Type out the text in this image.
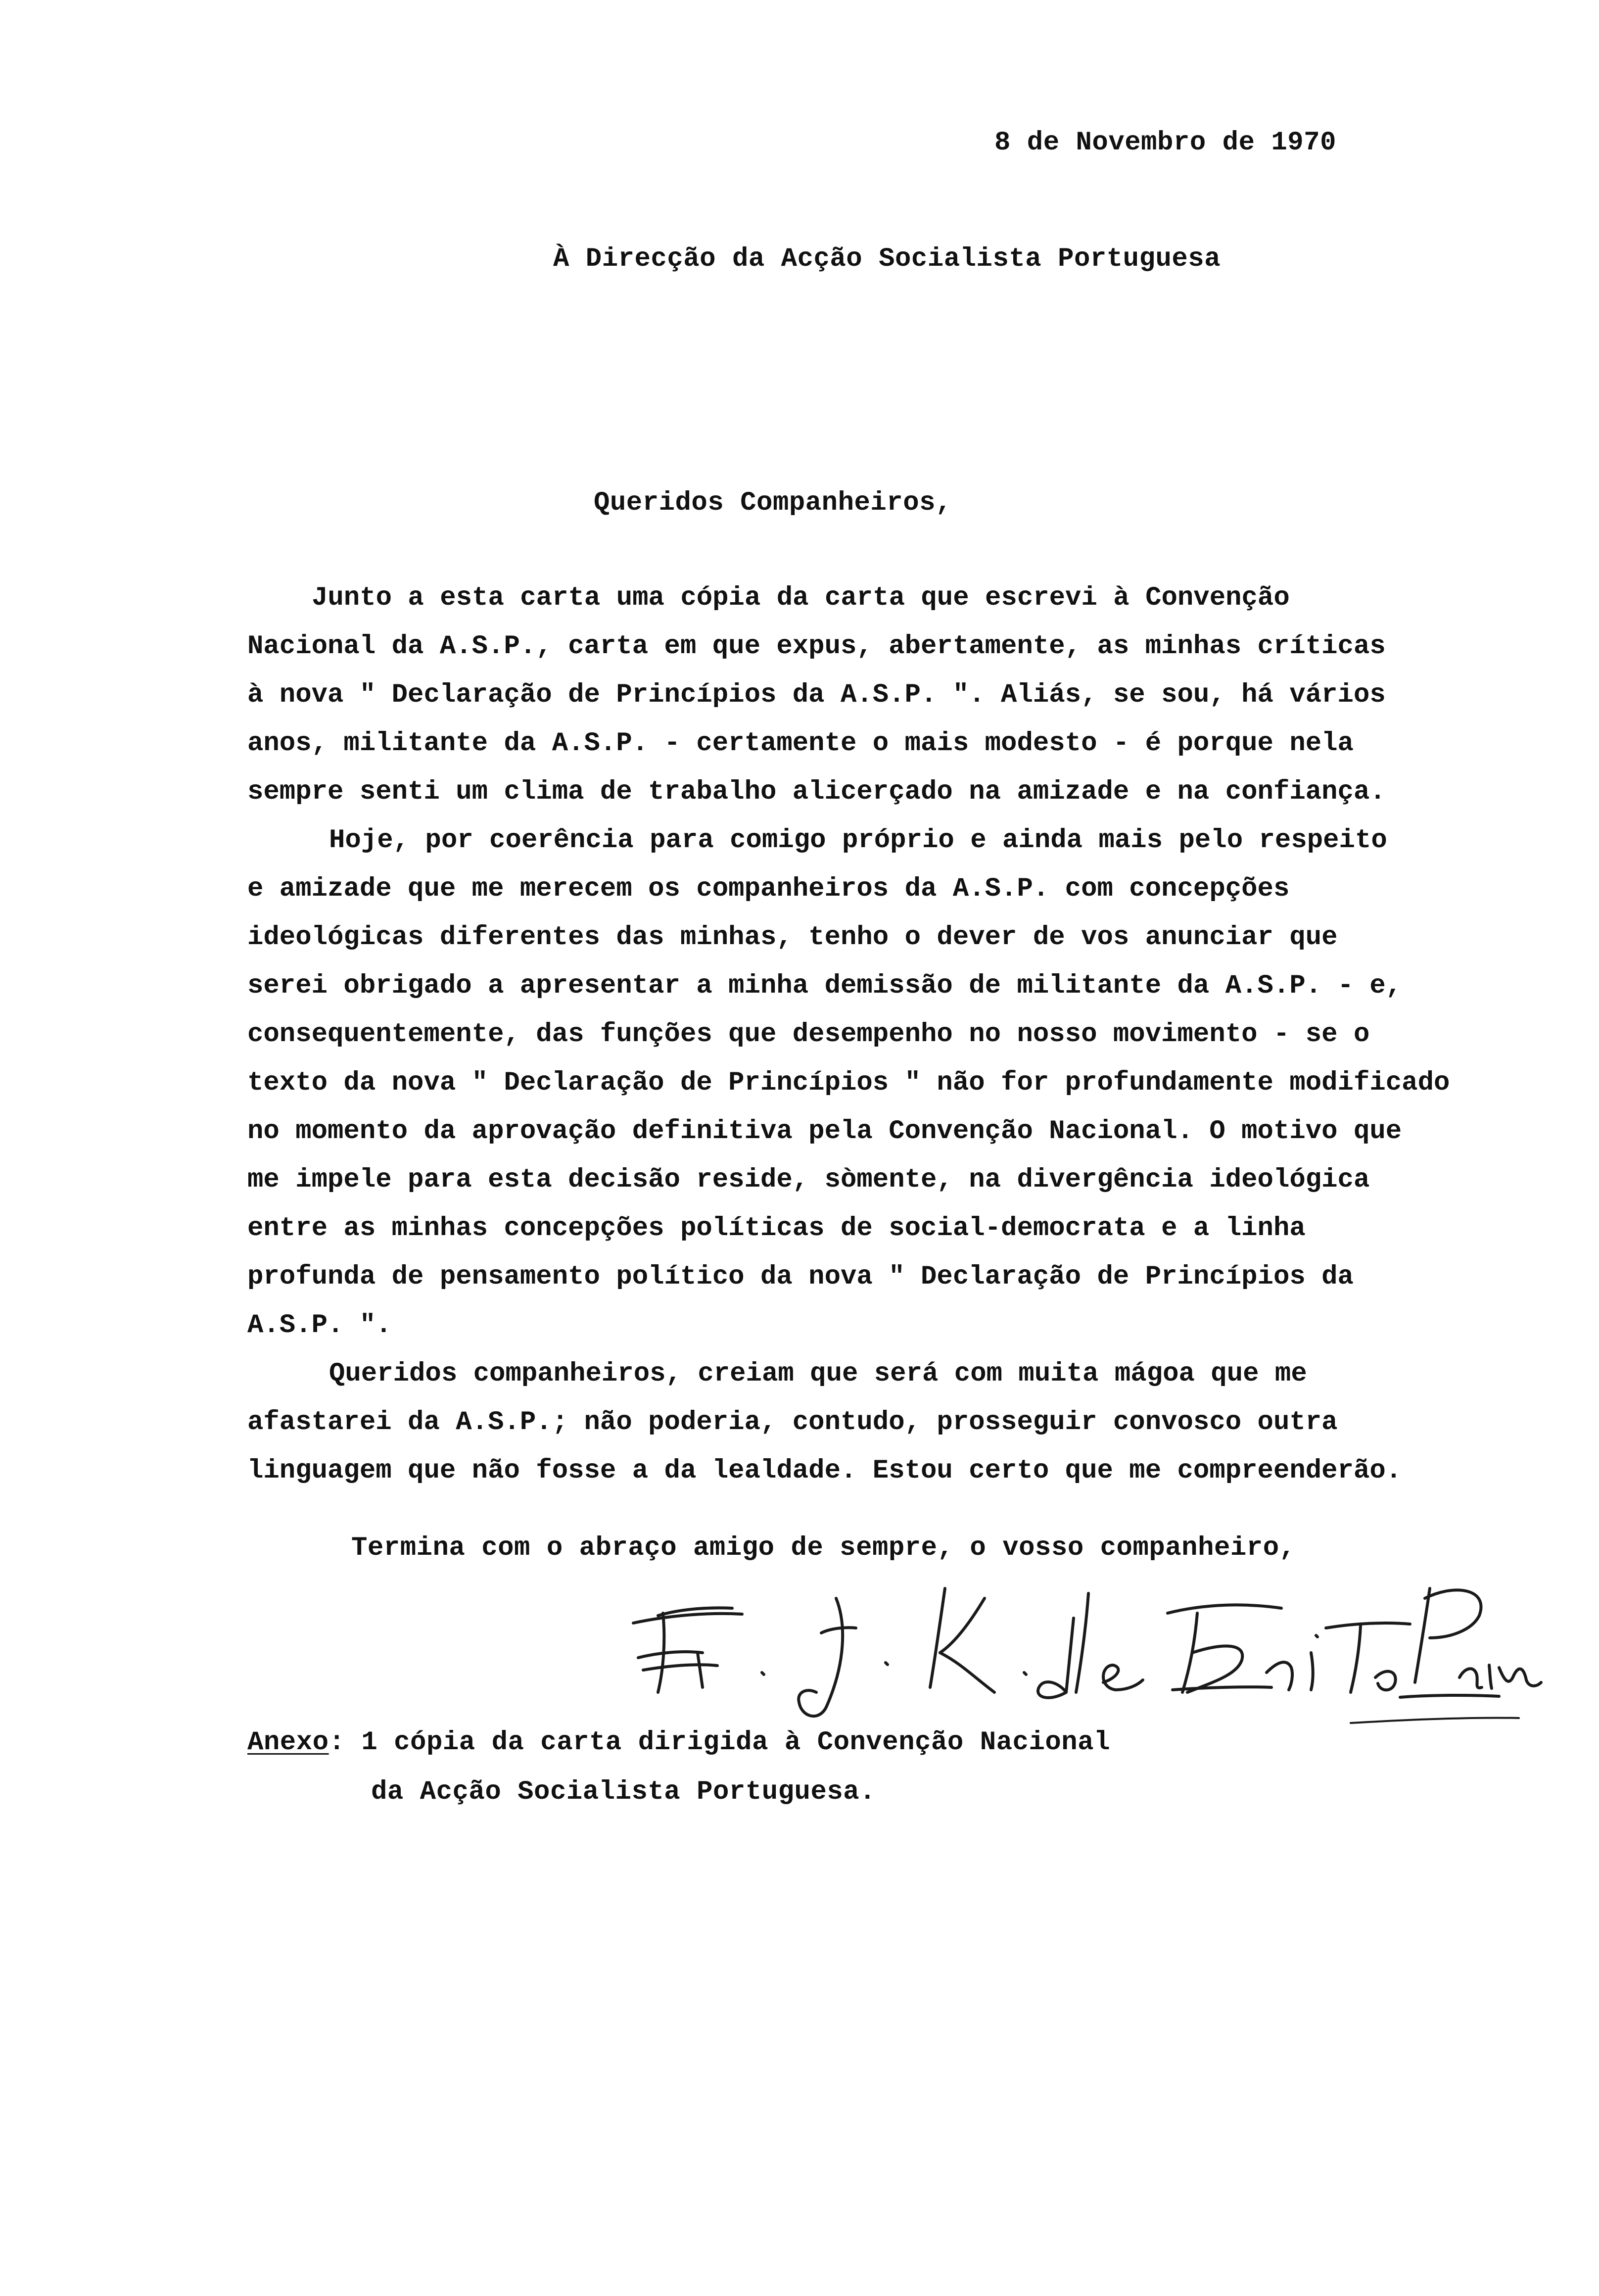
8 de Novembro de 1970
À Direcção da Acção Socialista Portuguesa
Queridos Companheiros,
Junto a esta carta uma cópia da carta que escrevi à Convenção
Nacional da A.S.P., carta em que expus, abertamente, as minhas críticas
à nova " Declaração de Princípios da A.S.P. ". Aliás, se sou, há vários
anos, militante da A.S.P. - certamente o mais modesto - é porque nela
sempre senti um clima de trabalho alicerçado na amizade e na confiança.
Hoje, por coerência para comigo próprio e ainda mais pelo respeito
e amizade que me merecem os companheiros da A.S.P. com concepções
ideológicas diferentes das minhas, tenho o dever de vos anunciar que
serei obrigado a apresentar a minha demissão de militante da A.S.P. - e,
consequentemente, das funções que desempenho no nosso movimento - se o
texto da nova " Declaração de Princípios " não for profundamente modificado
no momento da aprovação definitiva pela Convenção Nacional. O motivo que
me impele para esta decisão reside, sòmente, na divergência ideológica
entre as minhas concepções políticas de social-democrata e a linha
profunda de pensamento político da nova " Declaração de Princípios da
A.S.P. ".
Queridos companheiros, creiam que será com muita mágoa que me
afastarei da A.S.P.; não poderia, contudo, prosseguir convosco outra
linguagem que não fosse a da lealdade. Estou certo que me compreenderão.
Termina com o abraço amigo de sempre, o vosso companheiro,
Anexo: 1 cópia da carta dirigida à Convenção Nacional
da Acção Socialista Portuguesa.
